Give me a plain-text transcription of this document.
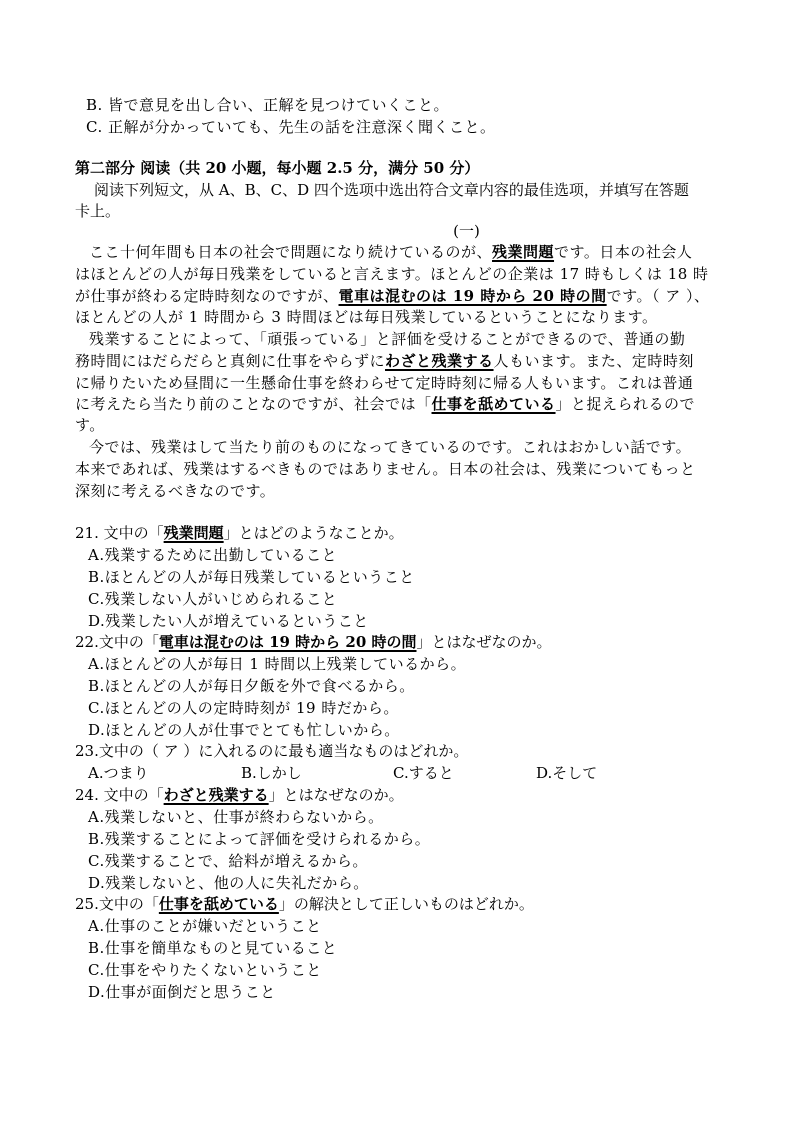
B. 皆で意見を出し合い、正解を見つけていくこと。
C. 正解が分かっていても、先生の話を注意深く聞くこと。
第二部分 阅读（共 20 小题，每小题 2.5 分，满分 50 分）
阅读下列短文，从 A、B、C、D 四个选项中选出符合文章内容的最佳选项，并填写在答题
卡上。
(一)
ここ十何年間も日本の社会で問題になり続けているのが、残業問題です。日本の社会人
はほとんどの人が毎日残業をしていると言えます。ほとんどの企業は 17 時もしくは 18 時
が仕事が終わる定時時刻なのですが、電車は混むのは 19 時から 20 時の間です。（ ア ）、
ほとんどの人が 1 時間から 3 時間ほどは毎日残業しているということになります。
残業することによって、「頑張っている」と評価を受けることができるので、普通の勤
務時間にはだらだらと真剣に仕事をやらずにわざと残業する人もいます。また、定時時刻
に帰りたいため昼間に一生懸命仕事を終わらせて定時時刻に帰る人もいます。これは普通
に考えたら当たり前のことなのですが、社会では「仕事を舐めている」と捉えられるので
す。
今では、残業はして当たり前のものになってきているのです。これはおかしい話です。
本来であれば、残業はするべきものではありません。日本の社会は、残業についてもっと
深刻に考えるべきなのです。
21. 文中の「残業問題」とはどのようなことか。
A.残業するために出勤していること
B.ほとんどの人が毎日残業しているということ
C.残業しない人がいじめられること
D.残業したい人が増えているということ
22.文中の「電車は混むのは 19 時から 20 時の間」とはなぜなのか。
A.ほとんどの人が毎日 1 時間以上残業しているから。
B.ほとんどの人が毎日夕飯を外で食べるから。
C.ほとんどの人の定時時刻が 19 時だから。
D.ほとんどの人が仕事でとても忙しいから。
23.文中の（ ア ）に入れるのに最も適当なものはどれか。
A.つまり	B.しかし	C.すると	D.そして
24. 文中の「わざと残業する」とはなぜなのか。
A.残業しないと、仕事が終わらないから。
B.残業することによって評価を受けられるから。
C.残業することで、給料が増えるから。
D.残業しないと、他の人に失礼だから。
25.文中の「仕事を舐めている」の解決として正しいものはどれか。
A.仕事のことが嫌いだということ
B.仕事を簡単なものと見ていること
C.仕事をやりたくないということ
D.仕事が面倒だと思うこと
